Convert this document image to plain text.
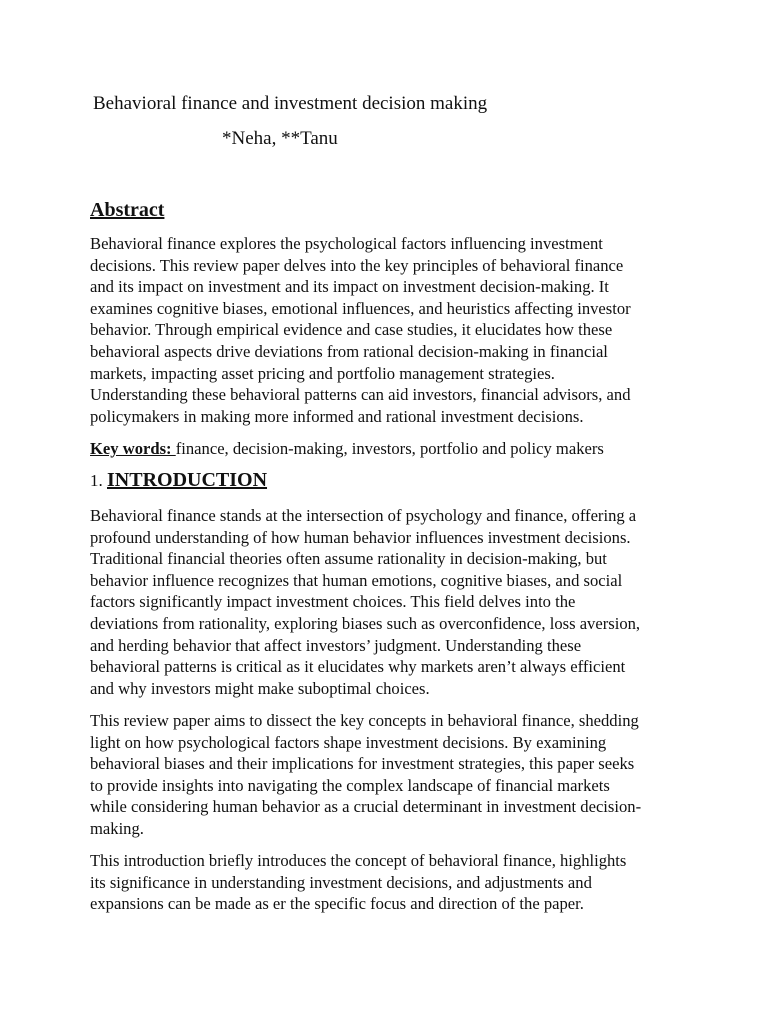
Behavioral finance and investment decision making
*Neha, **Tanu
Abstract

Behavioral finance explores the psychological factors influencing investment
decisions. This review paper delves into the key principles of behavioral finance
and its impact on investment and its impact on investment decision-making. It
examines cognitive biases, emotional influences, and heuristics affecting investor
behavior. Through empirical evidence and case studies, it elucidates how these
behavioral aspects drive deviations from rational decision-making in financial
markets, impacting asset pricing and portfolio management strategies.
Understanding these behavioral patterns can aid investors, financial advisors, and
policymakers in making more informed and rational investment decisions.

Key words: finance, decision-making, investors, portfolio and policy makers

1. INTRODUCTION

Behavioral finance stands at the intersection of psychology and finance, offering a
profound understanding of how human behavior influences investment decisions.
Traditional financial theories often assume rationality in decision-making, but
behavior influence recognizes that human emotions, cognitive biases, and social
factors significantly impact investment choices. This field delves into the
deviations from rationality, exploring biases such as overconfidence, loss aversion,
and herding behavior that affect investors’ judgment. Understanding these
behavioral patterns is critical as it elucidates why markets aren’t always efficient
and why investors might make suboptimal choices.

This review paper aims to dissect the key concepts in behavioral finance, shedding
light on how psychological factors shape investment decisions. By examining
behavioral biases and their implications for investment strategies, this paper seeks
to provide insights into navigating the complex landscape of financial markets
while considering human behavior as a crucial determinant in investment decision-
making.

This introduction briefly introduces the concept of behavioral finance, highlights
its significance in understanding investment decisions, and adjustments and
expansions can be made as er the specific focus and direction of the paper.
